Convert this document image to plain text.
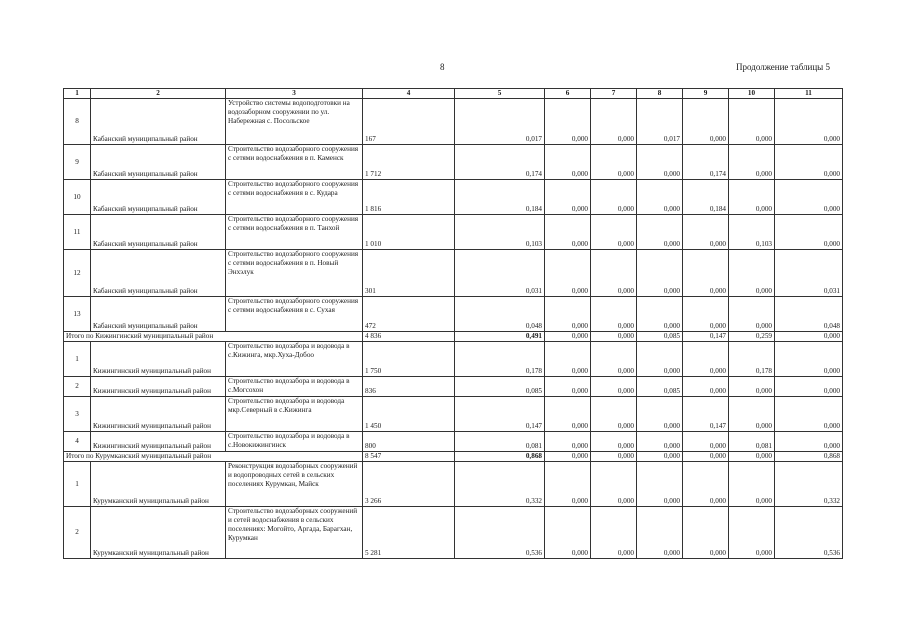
8	Продолжение таблицы 5
1	2	3	4	5	6	7	8	9	10	11
8	Кабанский муниципальный район	Устройство системы водоподготовки на водозаборном сооружении по ул. Набережная с. Посольское	167	0,017	0,000	0,000	0,017	0,000	0,000	0,000
9	Кабанский муниципальный район	Строительство водозаборного сооружения с сетями водоснабжения в п. Каменск	1 712	0,174	0,000	0,000	0,000	0,174	0,000	0,000
10	Кабанский муниципальный район	Строительство водозаборного сооружения с сетями водоснабжения в с. Кудара	1 816	0,184	0,000	0,000	0,000	0,184	0,000	0,000
11	Кабанский муниципальный район	Строительство водозаборного сооружения с сетями водоснабжения в п. Танхой	1 010	0,103	0,000	0,000	0,000	0,000	0,103	0,000
12	Кабанский муниципальный район	Строительство водозаборного сооружения с сетями водоснабжения в п. Новый Энхэлук	301	0,031	0,000	0,000	0,000	0,000	0,000	0,031
13	Кабанский муниципальный район	Строительство водозаборного сооружения с сетями водоснабжения в с. Сухая	472	0,048	0,000	0,000	0,000	0,000	0,000	0,048
Итого по Кижингинский муниципальный район			4 836	0,491	0,000	0,000	0,085	0,147	0,259	0,000
1	Кижингинский муниципальный район	Строительство водозабора и водовода в с.Кижинга, мкр.Хуха-Добоо	1 750	0,178	0,000	0,000	0,000	0,000	0,178	0,000
2	Кижингинский муниципальный район	Строительство водозабора и водовода в с.Могсохон	836	0,085	0,000	0,000	0,085	0,000	0,000	0,000
3	Кижингинский муниципальный район	Строительство водозабора и водовода мкр.Северный в с.Кижинга	1 450	0,147	0,000	0,000	0,000	0,147	0,000	0,000
4	Кижингинский муниципальный район	Строительство водозабора и водовода в с.Новокижингинск	800	0,081	0,000	0,000	0,000	0,000	0,081	0,000
Итого по Курумканский муниципальный район			8 547	0,868	0,000	0,000	0,000	0,000	0,000	0,868
1	Курумканский муниципальный район	Реконструкция водозаборных сооружений и водопроводных сетей в сельских поселениях Курумкан, Майск	3 266	0,332	0,000	0,000	0,000	0,000	0,000	0,332
2	Курумканский муниципальный район	Строительство водозаборных сооружений и сетей водоснабжения в сельских поселениях: Могойто, Аргада, Барагхан, Курумкан	5 281	0,536	0,000	0,000	0,000	0,000	0,000	0,536
